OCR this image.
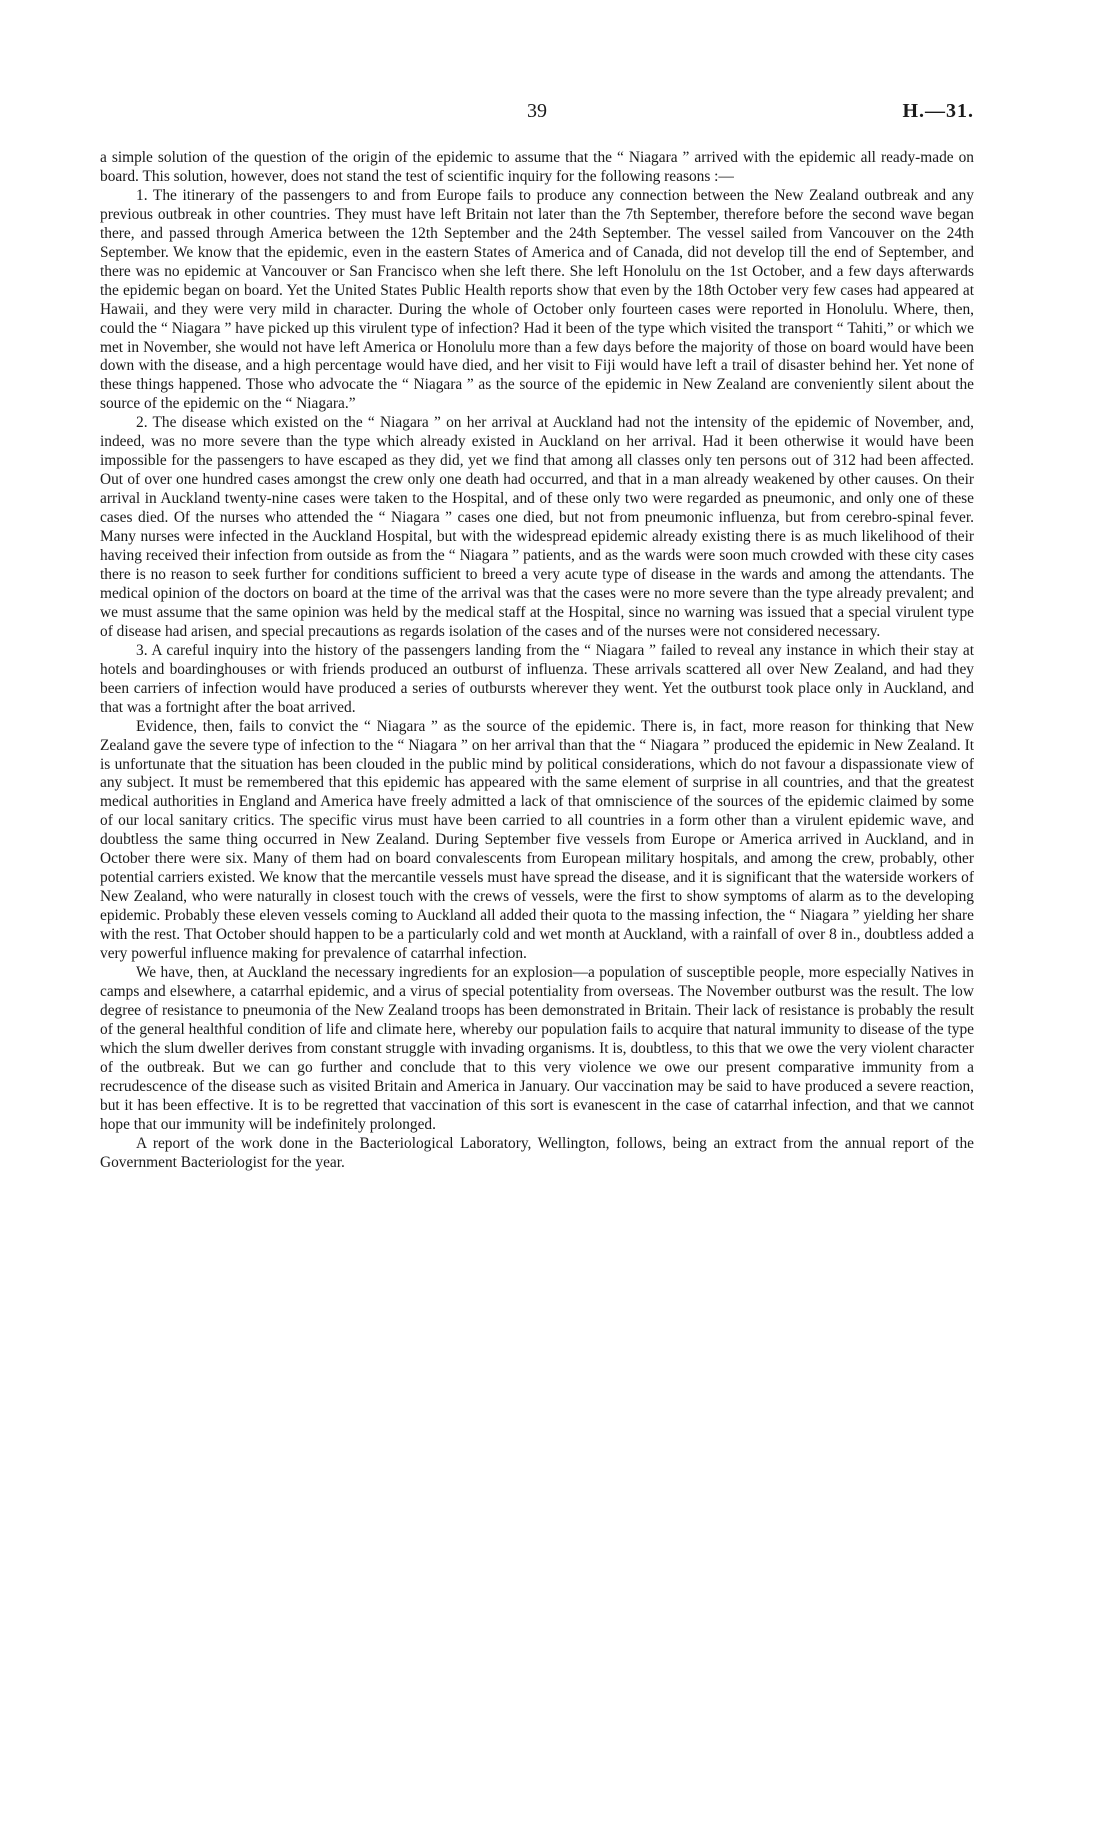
39	H.—31.

a simple solution of the question of the origin of the epidemic to assume that the “ Niagara ” arrived with the epidemic all ready-made on board. This solution, however, does not stand the test of scientific inquiry for the following reasons :—

1. The itinerary of the passengers to and from Europe fails to produce any connection between the New Zealand outbreak and any previous outbreak in other countries. They must have left Britain not later than the 7th September, therefore before the second wave began there, and passed through America between the 12th September and the 24th September. The vessel sailed from Vancouver on the 24th September. We know that the epidemic, even in the eastern States of America and of Canada, did not develop till the end of September, and there was no epidemic at Vancouver or San Francisco when she left there. She left Honolulu on the 1st October, and a few days afterwards the epidemic began on board. Yet the United States Public Health reports show that even by the 18th October very few cases had appeared at Hawaii, and they were very mild in character. During the whole of October only fourteen cases were reported in Honolulu. Where, then, could the “ Niagara ” have picked up this virulent type of infection? Had it been of the type which visited the transport “ Tahiti,” or which we met in November, she would not have left America or Honolulu more than a few days before the majority of those on board would have been down with the disease, and a high percentage would have died, and her visit to Fiji would have left a trail of disaster behind her. Yet none of these things happened. Those who advocate the “ Niagara ” as the source of the epidemic in New Zealand are conveniently silent about the source of the epidemic on the “ Niagara.”

2. The disease which existed on the “ Niagara ” on her arrival at Auckland had not the intensity of the epidemic of November, and, indeed, was no more severe than the type which already existed in Auckland on her arrival. Had it been otherwise it would have been impossible for the passengers to have escaped as they did, yet we find that among all classes only ten persons out of 312 had been affected. Out of over one hundred cases amongst the crew only one death had occurred, and that in a man already weakened by other causes. On their arrival in Auckland twenty-nine cases were taken to the Hospital, and of these only two were regarded as pneumonic, and only one of these cases died. Of the nurses who attended the “ Niagara ” cases one died, but not from pneumonic influenza, but from cerebro-spinal fever. Many nurses were infected in the Auckland Hospital, but with the widespread epidemic already existing there is as much likelihood of their having received their infection from outside as from the “ Niagara ” patients, and as the wards were soon much crowded with these city cases there is no reason to seek further for conditions sufficient to breed a very acute type of disease in the wards and among the attendants. The medical opinion of the doctors on board at the time of the arrival was that the cases were no more severe than the type already prevalent; and we must assume that the same opinion was held by the medical staff at the Hospital, since no warning was issued that a special virulent type of disease had arisen, and special precautions as regards isolation of the cases and of the nurses were not considered necessary.

3. A careful inquiry into the history of the passengers landing from the “ Niagara ” failed to reveal any instance in which their stay at hotels and boardinghouses or with friends produced an outburst of influenza. These arrivals scattered all over New Zealand, and had they been carriers of infection would have produced a series of outbursts wherever they went. Yet the outburst took place only in Auckland, and that was a fortnight after the boat arrived.

Evidence, then, fails to convict the “ Niagara ” as the source of the epidemic. There is, in fact, more reason for thinking that New Zealand gave the severe type of infection to the “ Niagara ” on her arrival than that the “ Niagara ” produced the epidemic in New Zealand. It is unfortunate that the situation has been clouded in the public mind by political considerations, which do not favour a dispassionate view of any subject. It must be remembered that this epidemic has appeared with the same element of surprise in all countries, and that the greatest medical authorities in England and America have freely admitted a lack of that omniscience of the sources of the epidemic claimed by some of our local sanitary critics. The specific virus must have been carried to all countries in a form other than a virulent epidemic wave, and doubtless the same thing occurred in New Zealand. During September five vessels from Europe or America arrived in Auckland, and in October there were six. Many of them had on board convalescents from European military hospitals, and among the crew, probably, other potential carriers existed. We know that the mercantile vessels must have spread the disease, and it is significant that the waterside workers of New Zealand, who were naturally in closest touch with the crews of vessels, were the first to show symptoms of alarm as to the developing epidemic. Probably these eleven vessels coming to Auckland all added their quota to the massing infection, the “ Niagara ” yielding her share with the rest. That October should happen to be a particularly cold and wet month at Auckland, with a rainfall of over 8 in., doubtless added a very powerful influence making for prevalence of catarrhal infection.

We have, then, at Auckland the necessary ingredients for an explosion—a population of susceptible people, more especially Natives in camps and elsewhere, a catarrhal epidemic, and a virus of special potentiality from overseas. The November outburst was the result. The low degree of resistance to pneumonia of the New Zealand troops has been demonstrated in Britain. Their lack of resistance is probably the result of the general healthful condition of life and climate here, whereby our population fails to acquire that natural immunity to disease of the type which the slum dweller derives from constant struggle with invading organisms. It is, doubtless, to this that we owe the very violent character of the outbreak. But we can go further and conclude that to this very violence we owe our present comparative immunity from a recrudescence of the disease such as visited Britain and America in January. Our vaccination may be said to have produced a severe reaction, but it has been effective. It is to be regretted that vaccination of this sort is evanescent in the case of catarrhal infection, and that we cannot hope that our immunity will be indefinitely prolonged.

A report of the work done in the Bacteriological Laboratory, Wellington, follows, being an extract from the annual report of the Government Bacteriologist for the year.
